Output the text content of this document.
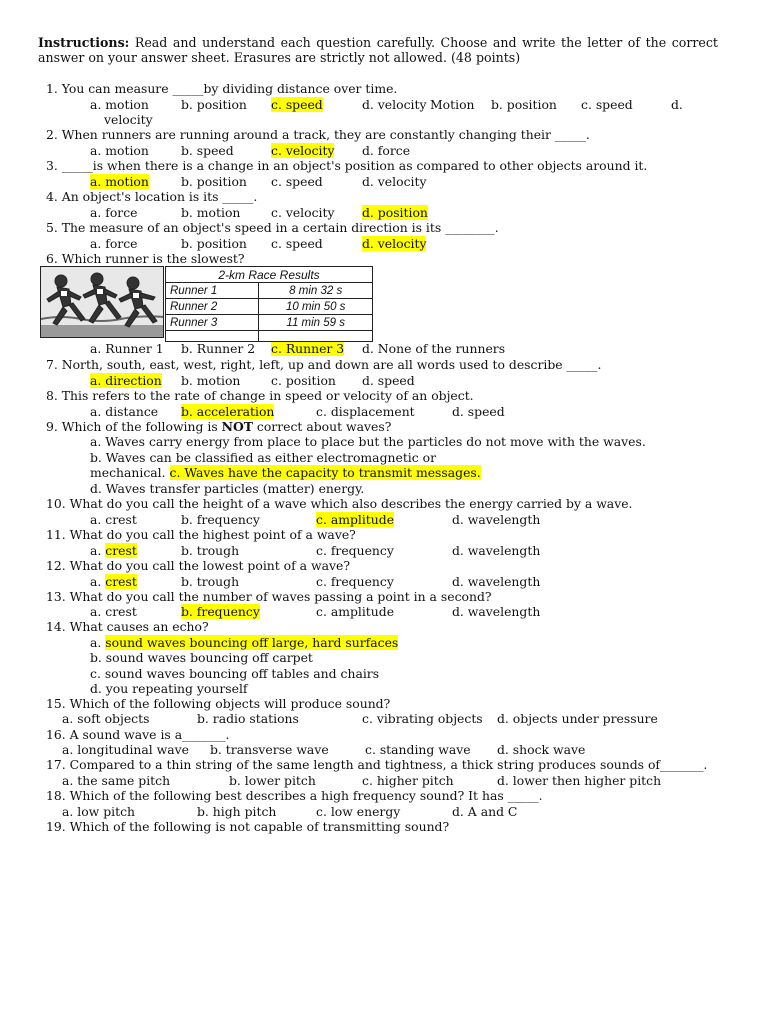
Instructions: Read and understand each question carefully. Choose and write the letter of the correct answer on your answer sheet. Erasures are strictly not allowed. (48 points)
1. You can measure _____by dividing distance over time.
a. motion	b. position c. speed	d. velocity Motion b. position c. speed	d.
velocity
2. When runners are running around a track, they are constantly changing their _____.
a. motion	b. speed	c. velocity d. force
3. _____is when there is a change in an object's position as compared to other objects around it.
a. motion	b. position c. speed	d. velocity
4. An object's location is its _____.
a. force	b. motion c. velocity d. position
5. The measure of an object's speed in a certain direction is its ________.
a. force	b. position c. speed	d. velocity
6. Which runner is the slowest?
a. Runner 1 b. Runner 2 c. Runner 3 d. None of the runners
7. North, south, east, west, right, left, up and down are all words used to describe _____.
a. direction b. motion c. position d. speed
8. This refers to the rate of change in speed or velocity of an object.
a. distance b. acceleration	c. displacement	d. speed
9. Which of the following is NOT correct about waves?
a. Waves carry energy from place to place but the particles do not move with the waves.
b. Waves can be classified as either electromagnetic or
mechanical. c. Waves have the capacity to transmit messages.
d. Waves transfer particles (matter) energy.
10. What do you call the height of a wave which also describes the energy carried by a wave.
a. crest	b. frequency	c. amplitude	d. wavelength
11. What do you call the highest point of a wave?
a. crest	b. trough	c. frequency	d. wavelength
12. What do you call the lowest point of a wave?
a. crest	b. trough	c. frequency	d. wavelength
13. What do you call the number of waves passing a point in a second?
a. crest	b. frequency	c. amplitude	d. wavelength
14. What causes an echo?
a. sound waves bouncing off large, hard surfaces
b. sound waves bouncing off carpet
c. sound waves bouncing off tables and chairs
d. you repeating yourself
15. Which of the following objects will produce sound?
a. soft objects	b. radio stations	c. vibrating objects d. objects under pressure
16. A sound wave is a_______.
a. longitudinal wave b. transverse wave	c. standing wave d. shock wave
17. Compared to a thin string of the same length and tightness, a thick string produces sounds of_______.
a. the same pitch	b. lower pitch	c. higher pitch	d. lower then higher pitch
18. Which of the following best describes a high frequency sound? It has _____.
a. low pitch	b. high pitch	c. low energy	d. A and C
19. Which of the following is not capable of transmitting sound?
2-km Race Results	
Runner 1	8 min 32 s
Runner 2	10 min 50 s
Runner 3	11 min 59 s
